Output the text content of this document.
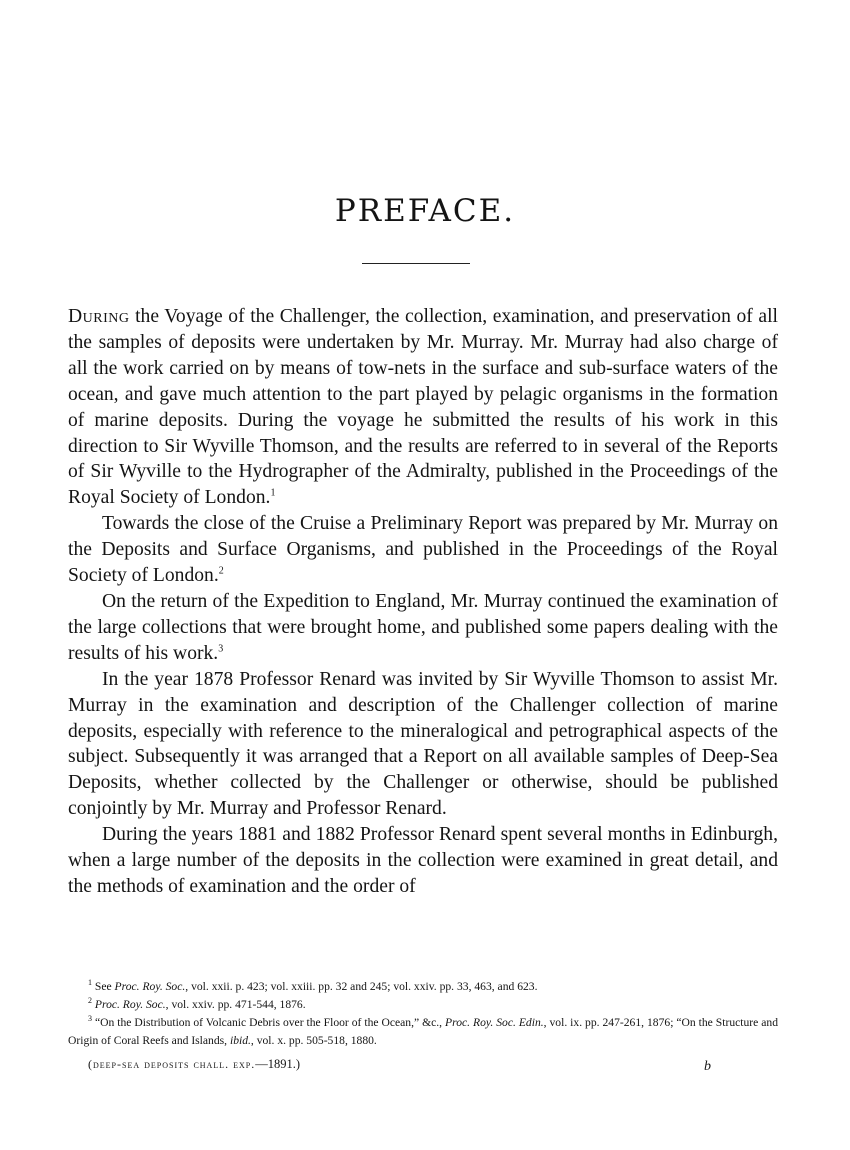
PREFACE.

During the Voyage of the Challenger, the collection, examination, and preservation of all the samples of deposits were undertaken by Mr. Murray. Mr. Murray had also charge of all the work carried on by means of tow-nets in the surface and sub-surface waters of the ocean, and gave much attention to the part played by pelagic organisms in the formation of marine deposits. During the voyage he submitted the results of his work in this direction to Sir Wyville Thomson, and the results are referred to in several of the Reports of Sir Wyville to the Hydrographer of the Admiralty, published in the Proceedings of the Royal Society of London.$^1$

Towards the close of the Cruise a Preliminary Report was prepared by Mr. Murray on the Deposits and Surface Organisms, and published in the Proceedings of the Royal Society of London.$^2$

On the return of the Expedition to England, Mr. Murray continued the examination of the large collections that were brought home, and published some papers dealing with the results of his work.$^3$

In the year 1878 Professor Renard was invited by Sir Wyville Thomson to assist Mr. Murray in the examination and description of the Challenger collection of marine deposits, especially with reference to the mineralogical and petrographical aspects of the subject. Subsequently it was arranged that a Report on all available samples of Deep-Sea Deposits, whether collected by the Challenger or otherwise, should be published conjointly by Mr. Murray and Professor Renard.

During the years 1881 and 1882 Professor Renard spent several months in Edinburgh, when a large number of the deposits in the collection were examined in great detail, and the methods of examination and the order of

$^1$ See Proc. Roy. Soc., vol. xxii. p. 423; vol. xxiii. pp. 32 and 245; vol. xxiv. pp. 33, 463, and 623.

$^2$ Proc. Roy. Soc., vol. xxiv. pp. 471-544, 1876.

$^3$ “On the Distribution of Volcanic Debris over the Floor of the Ocean,” &c., Proc. Roy. Soc. Edin., vol. ix. pp. 247-261, 1876; “On the Structure and Origin of Coral Reefs and Islands, ibid., vol. x. pp. 505-518, 1880.

(deep-sea deposits chall. exp.—1891.)	b
